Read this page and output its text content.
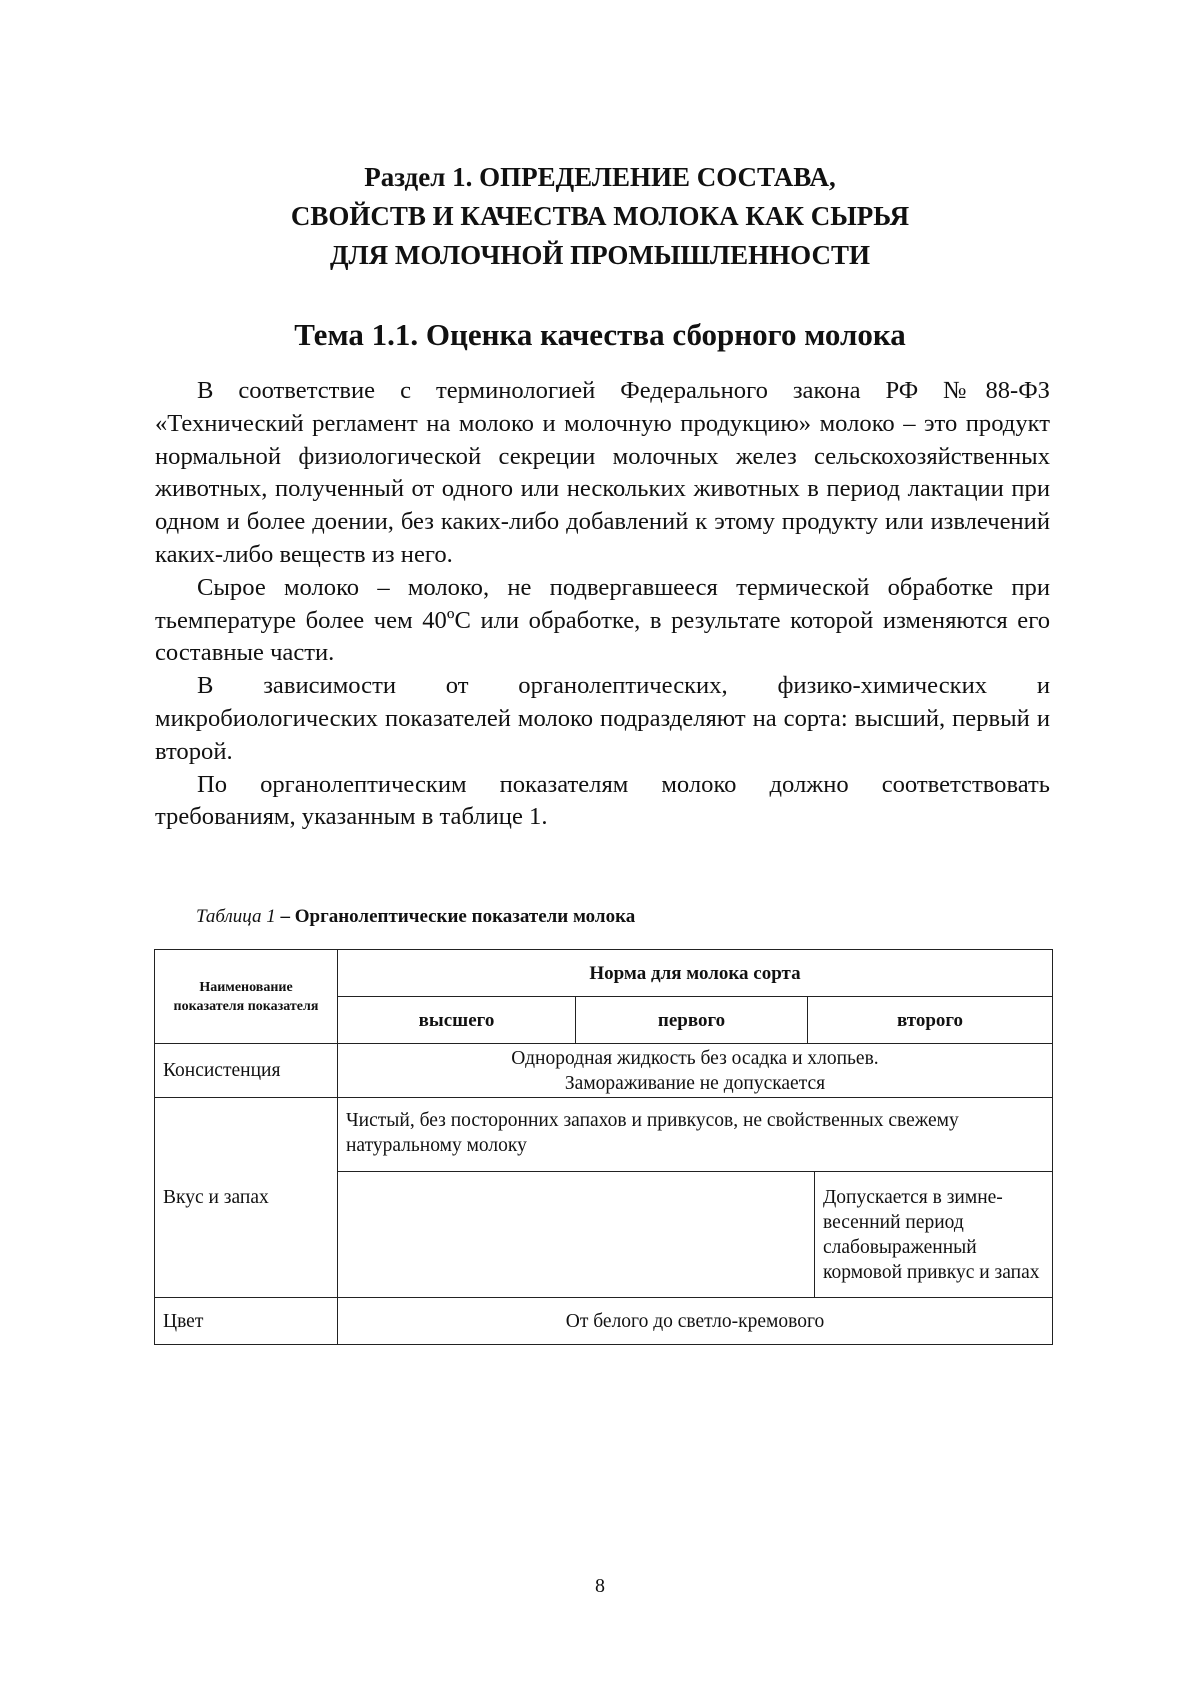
Раздел 1. ОПРЕДЕЛЕНИЕ СОСТАВА,
СВОЙСТВ И КАЧЕСТВА МОЛОКА КАК СЫРЬЯ
ДЛЯ МОЛОЧНОЙ ПРОМЫШЛЕННОСТИ
Тема 1.1. Оценка качества сборного молока

В соответствие с терминологией Федерального закона РФ №88-ФЗ «Технический регламент на молоко и молочную продукцию» молоко – это продукт нормальной физиологической секреции молочных желез сельскохозяйственных животных, полученный от одного или нескольких животных в период лактации при одном и более доении, без каких-либо добавлений к этому продукту или извлечений каких-либо веществ из него.

Сырое молоко – молоко, не подвергавшееся термической обработке при тьемпературе более чем 40ºС или обработке, в результате которой изменяются его составные части.

В зависимости от органолептических, физико-химических и микробиологических показателей молоко подразделяют на сорта: высший, первый и второй.

По органолептическим показателям молоко должно соответствовать требованиям, указанным в таблице 1.

Таблица 1 – Органолептические показатели молока
Наименование показателя показателя	Норма для молока сорта			
	высшего	первого	второго	
Консистенция	Однородная жидкость без осадка и хлопьев.
Замораживание не допускается			

Вкус и запах	Чистый, без посторонних запахов и привкусов, не свойственных свежему натуральному молоку			
				Допускается в зимне-весенний период слабовыраженный кормовой привкус и запах
Цвет	От белого до светло-кремового			
8
